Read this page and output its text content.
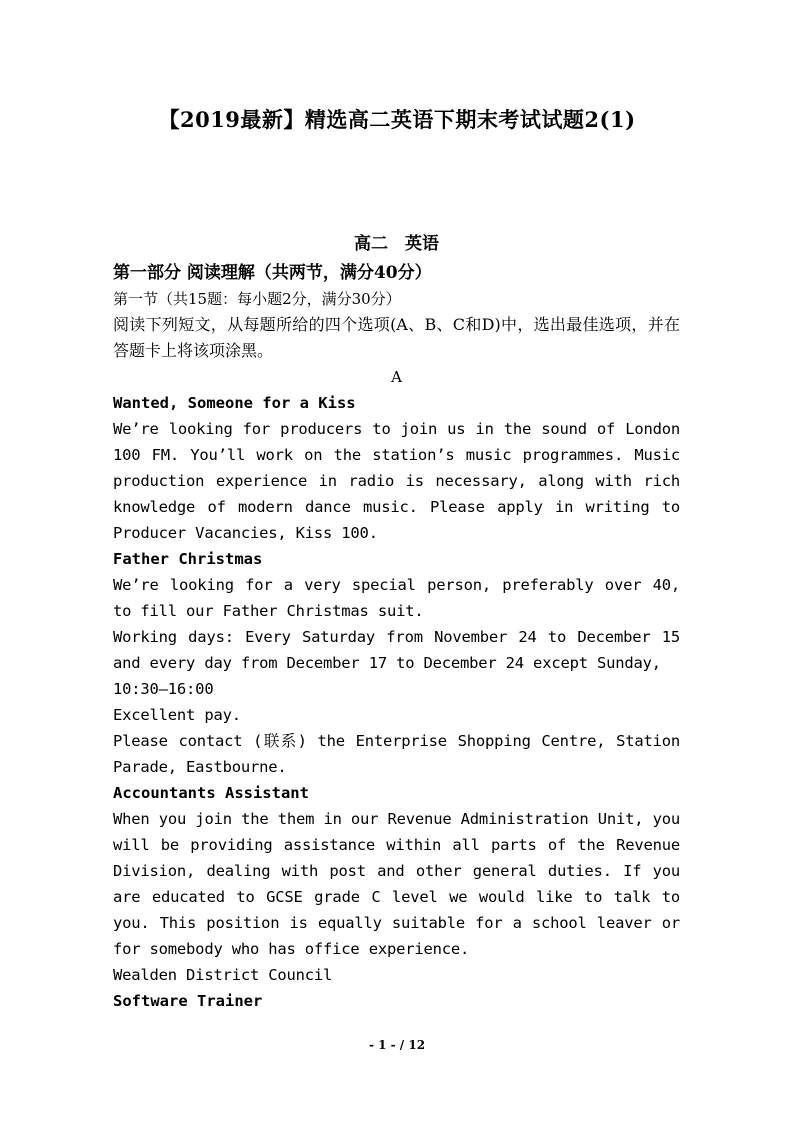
【2019最新】精选高二英语下期末考试试题2(1)
高二　英语
第一部分 阅读理解（共两节，满分40分）
第一节（共15题：每小题2分，满分30分）
阅读下列短文，从每题所给的四个选项(A、B、C和D)中，选出最佳选项，并在答题卡上将该项涂黑。
A
Wanted, Someone for a Kiss
We’re looking for producers to join us in the sound of London 100 FM. You’ll work on the station’s music programmes. Music production experience in radio is necessary, along with rich knowledge of modern dance music. Please apply in writing to Producer Vacancies, Kiss 100.
Father Christmas
We’re looking for a very special person, preferably over 40, to fill our Father Christmas suit.
Working days: Every Saturday from November 24 to December 15 and every day from December 17 to December 24 except Sunday,
10:30—16:00
Excellent pay.
Please contact (联系) the Enterprise Shopping Centre, Station Parade, Eastbourne.
Accountants Assistant
When you join the them in our Revenue Administration Unit, you will be providing assistance within all parts of the Revenue Division, dealing with post and other general duties. If you are educated to GCSE grade C level we would like to talk to you. This position is equally suitable for a school leaver or for somebody who has office experience.
Wealden District Council
Software Trainer
- 1 - / 12
